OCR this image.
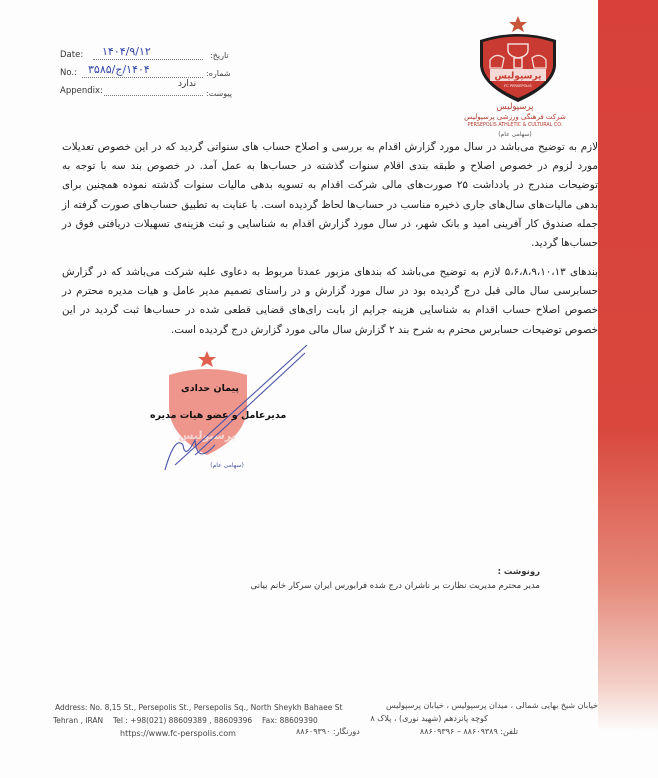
Date: ۱۴۰۴/۹/۱۲	تاریخ:
No.: ۱۴۰۴/ج/۳۵۸۵	شماره:
Appendix:
ندارد
پیوست:
پرسپولیس
FC PERSEPOLIS
پرسپولیس
شرکت فرهنگی ورزشی پرسپولیس
PERSEPOLIS ATHLETIC & CULTURAL CO.
(سهامی عام)

لازم به توضیح می‌باشد در سال مورد گزارش اقدام به بررسی و اصلاح حساب های سنواتی گردید که در این خصوص تعدیلات مورد لزوم در خصوص اصلاح و طبقه بندی اقلام سنوات گذشته در حساب‌ها به عمل آمد. در خصوص بند سه با توجه به توضیحات مندرج در یادداشت ۲۵ صورت‌های مالی شرکت اقدام به تسویه بدهی مالیات سنوات گذشته نموده همچنین برای بدهی مالیات‌های سال‌های جاری ذخیره مناسب در حساب‌ها لحاظ گردیده است. با عنایت به تطبیق حساب‌های صورت گرفته از جمله صندوق کار آفرینی امید و بانک شهر، در سال مورد گزارش اقدام به شناسایی و ثبت هزینه‌ی تسهیلات دریافتی فوق در حساب‌ها گردید.

بندهای ۵،۶،۸،۹،۱۰،۱۳ لازم به توضیح می‌باشد که بندهای مزبور عمدتا مربوط به دعاوی علیه شرکت می‌باشد که در گزارش حسابرسی سال مالی قبل درج گردیده بود در سال مورد گزارش و در راستای تصمیم مدیر عامل و هیات مدیره محترم در خصوص اصلاح حساب اقدام به شناسایی هزینه جرایم از بابت رای‌های قضایی قطعی شده در حساب‌ها ثبت گردید در این خصوص توضیحات حسابرس محترم به شرح بند ۲ گزارش سال مالی مورد گزارش درج گردیده است.

پرسپولیس
(سهامی عام)
پیمان حدادی
مدیرعامل و عضو هیات مدیره
رونوشت :
مدیر محترم مدیریت نظارت بر ناشران درج شده فرابورس ایران سرکار خانم بیانی
Address: No. 8,15 St., Persepolis St., Persepolis Sq., North Sheykh Bahaee St
Tehran , IRAN Tel : +98(021) 88609389 , 88609396 Fax: 88609390
https://www.fc-perspolis.com
خیابان شیخ بهایی شمالی ، میدان پرسپولیس ، خیابان پرسپولیس
کوچه پانزدهم (شهید نوری) ، پلاک ۸
تلفن: ۸۸۶۰۹۳۸۹ – ۸۸۶۰۹۳۹۶
دورنگار: ۸۸۶۰۹۳۹۰
